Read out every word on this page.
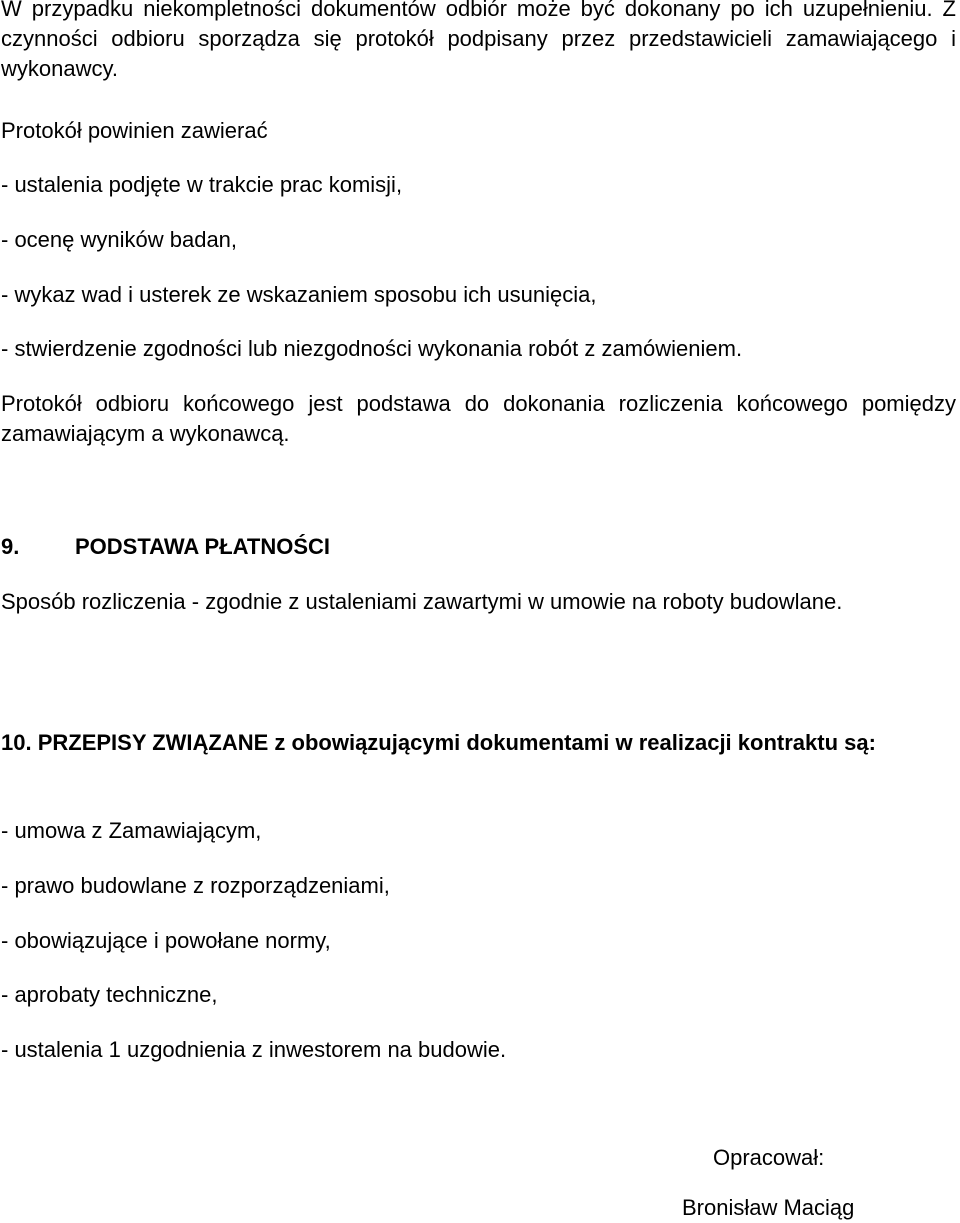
W przypadku niekompletności dokumentów odbiór może być dokonany po ich uzupełnieniu. Z czynności odbioru sporządza się protokół podpisany przez przedstawicieli zamawiającego i wykonawcy.

Protokół powinien zawierać

- ustalenia podjęte w trakcie prac komisji,

- ocenę wyników badan,

- wykaz wad i usterek ze wskazaniem sposobu ich usunięcia,

- stwierdzenie zgodności lub niezgodności wykonania robót z zamówieniem.

Protokół odbioru końcowego jest podstawa do dokonania rozliczenia końcowego pomiędzy zamawiającym a wykonawcą.

9.	PODSTAWA PŁATNOŚCI

Sposób rozliczenia - zgodnie z ustaleniami zawartymi w umowie na roboty budowlane.

10. PRZEPISY ZWIĄZANE z obowiązującymi dokumentami w realizacji kontraktu są:

- umowa z Zamawiającym,

- prawo budowlane z rozporządzeniami,

- obowiązujące i powołane normy,

- aprobaty techniczne,

- ustalenia 1 uzgodnienia z inwestorem na budowie.

Opracował:

Bronisław Maciąg
